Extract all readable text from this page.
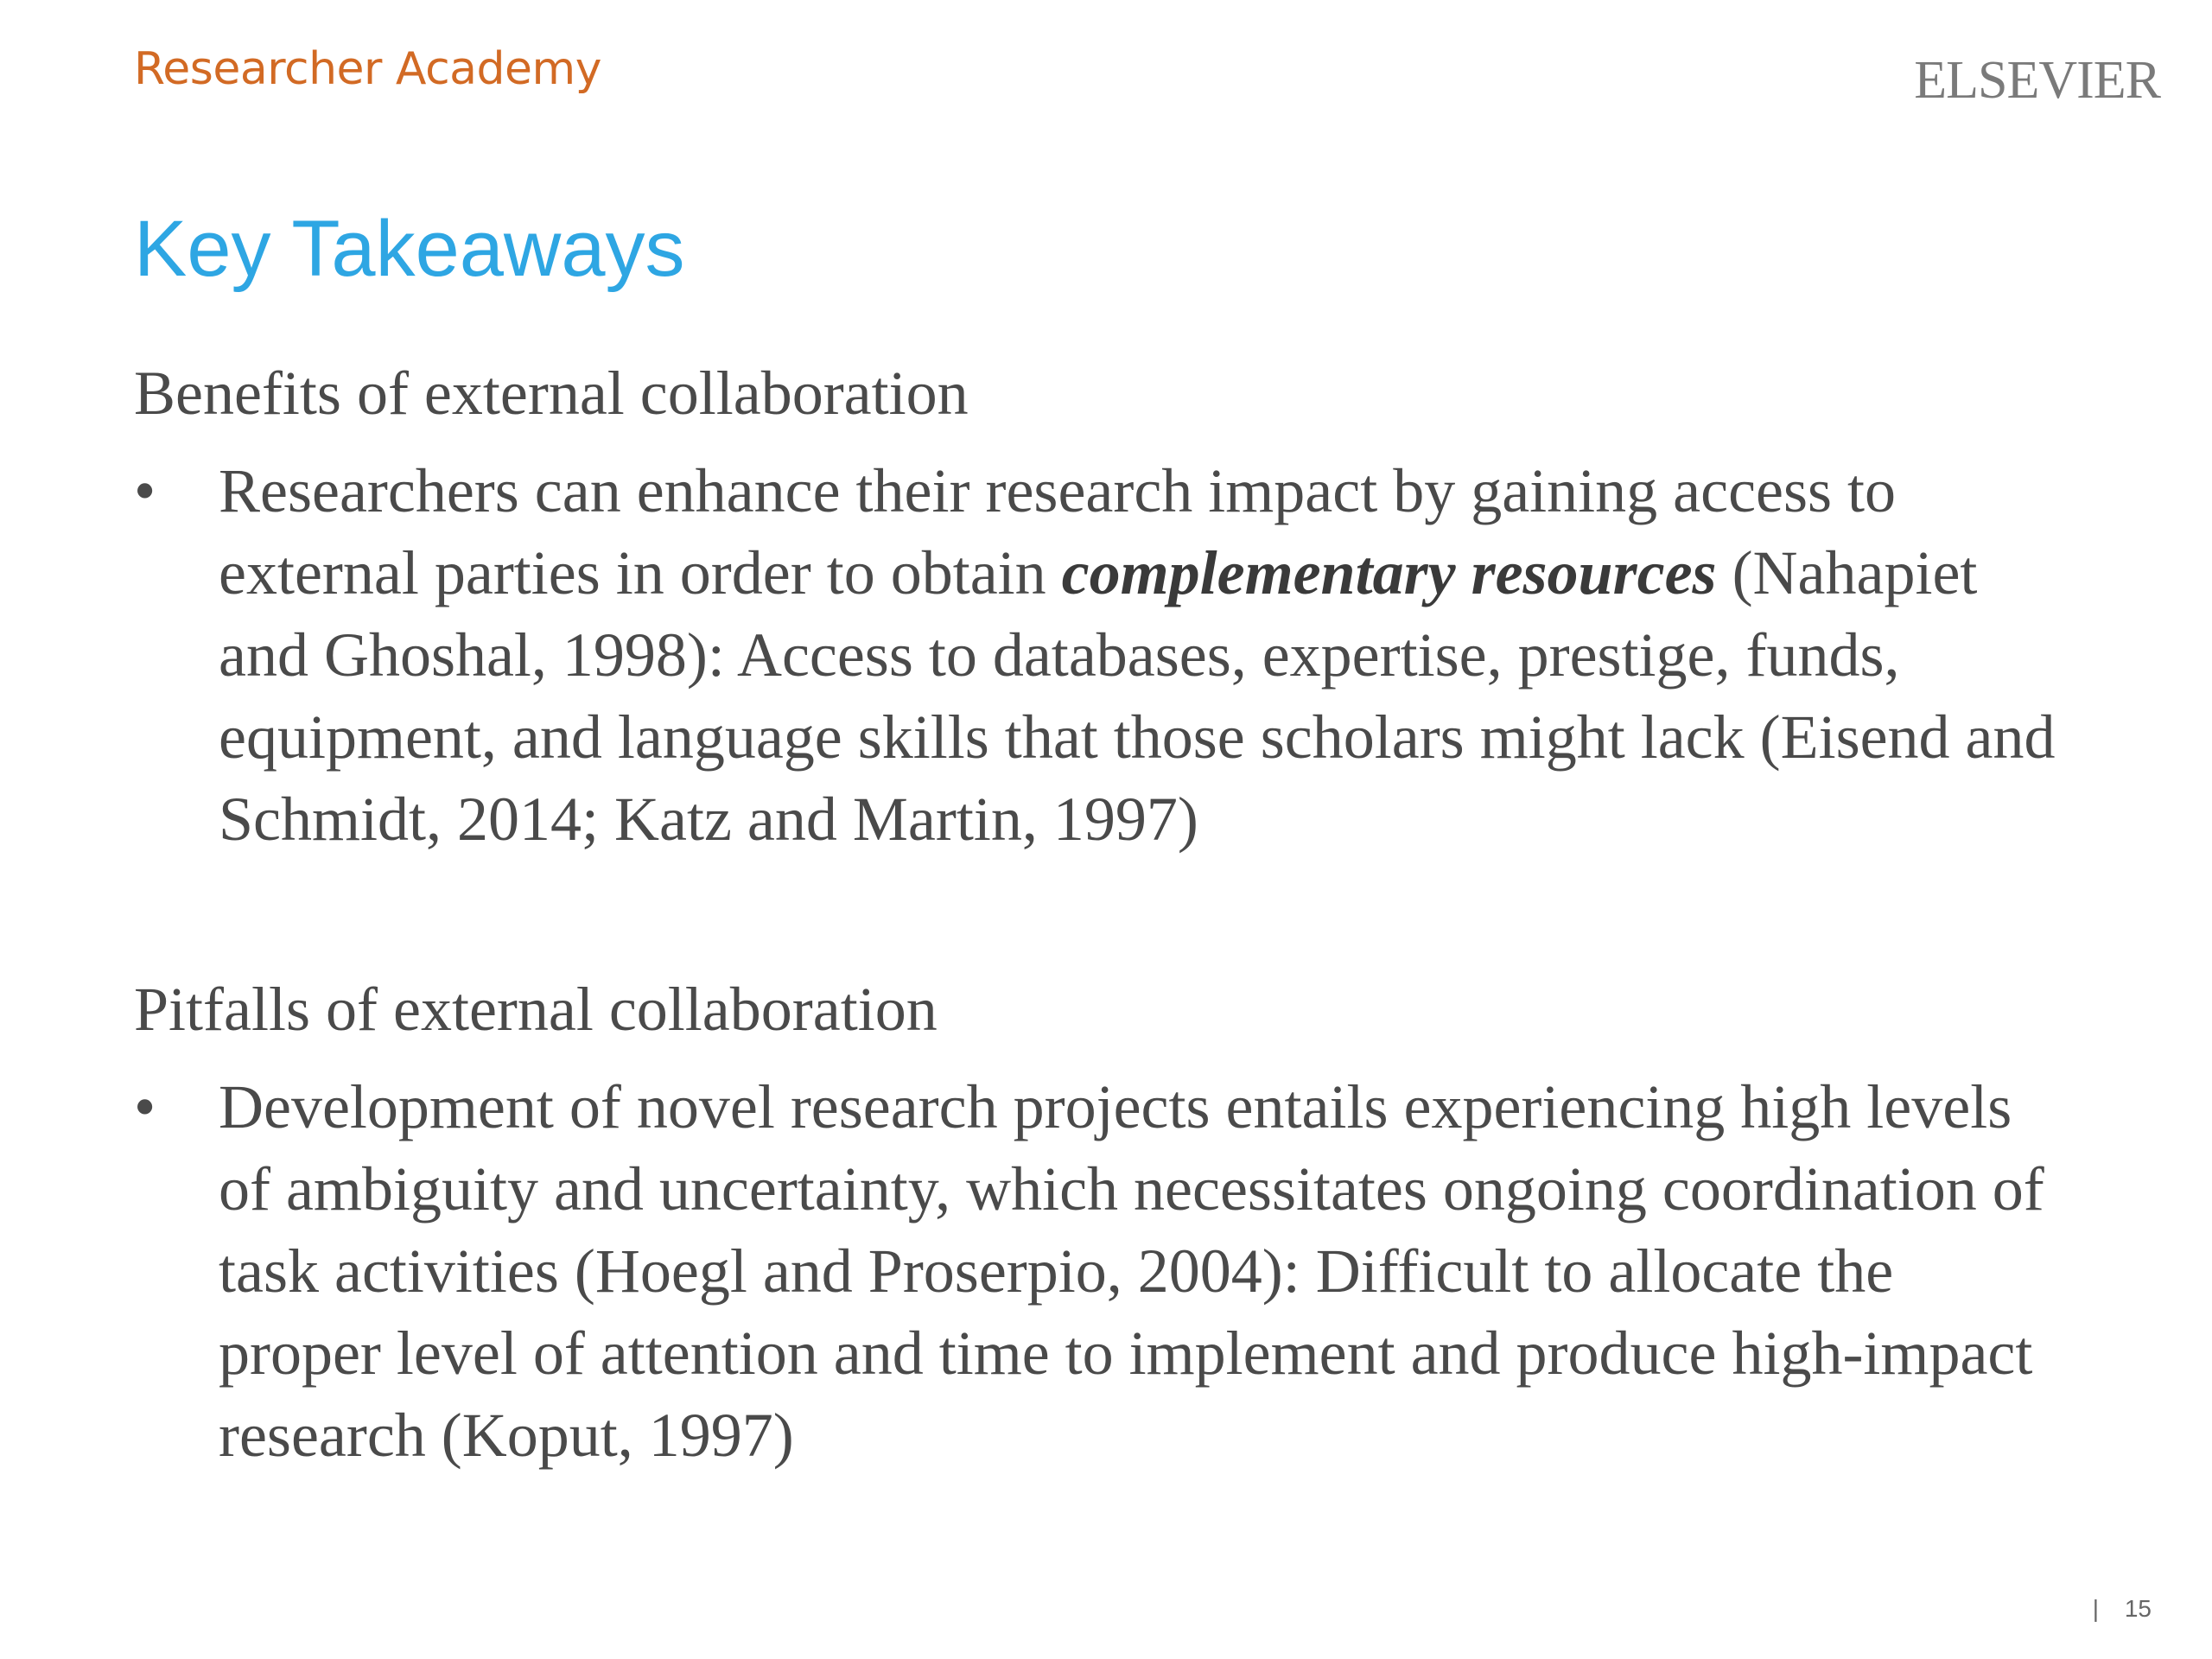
Researcher Academy	ELSEVIER
Key Takeaways

Benefits of external collaboration

• Researchers can enhance their research impact by gaining access to external parties in order to obtain complementary resources (Nahapiet and Ghoshal, 1998): Access to databases, expertise, prestige, funds, equipment, and language skills that those scholars might lack (Eisend and Schmidt, 2014; Katz and Martin, 1997)

Pitfalls of external collaboration

• Development of novel research projects entails experiencing high levels of ambiguity and uncertainty, which necessitates ongoing coordination of task activities (Hoegl and Proserpio, 2004): Difficult to allocate the proper level of attention and time to implement and produce high-impact research (Koput, 1997)

| 15
